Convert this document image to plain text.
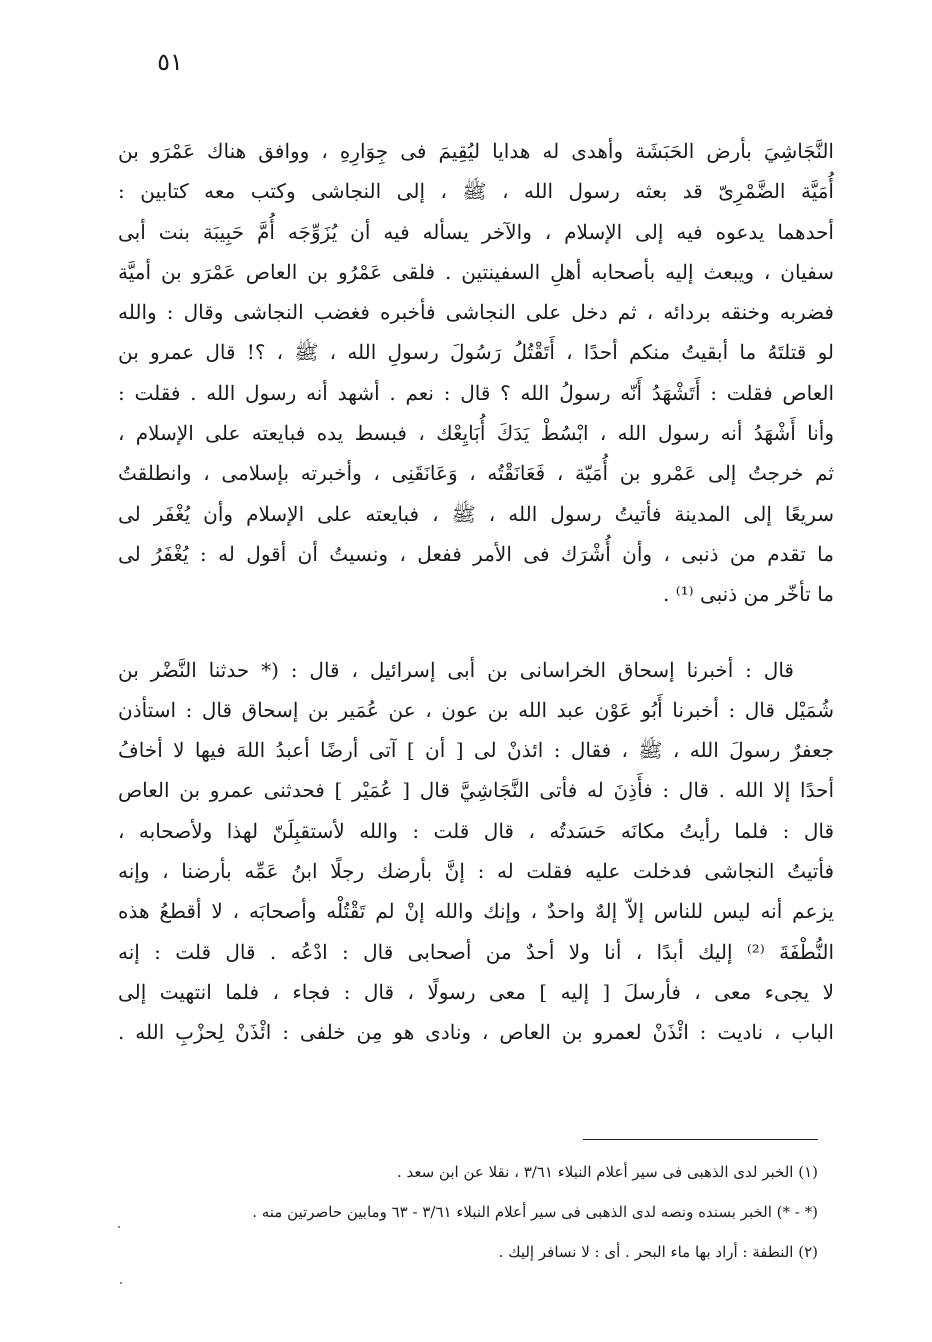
٥١
النَّجَاشِيَ بأرض الحَبَشَة وأهدى له هدايا ليُقِيمَ فى جِوَارِهِ ، ووافق هناك عَمْرَو بن
أُمَيَّة الضَّمْرِىّ قد بعثه رسول الله ، ﷺ ، إلى النجاشى وكتب معه كتابين :
أحدهما يدعوه فيه إلى الإسلام ، والآخر يسأله فيه أن يُزَوِّجَه أُمَّ حَبِيبَة بنت أبى
سفيان ، ويبعث إليه بأصحابه أهلِ السفينتين . فلقى عَمْرُو بن العاص عَمْرَو بن أميَّة
فضربه وخنقه بردائه ، ثم دخل على النجاشى فأخبره فغضب النجاشى وقال : والله
لو قتلتَهُ ما أبقيتُ منكم أحدًا ، أَتَقْتُلُ رَسُولَ رسولِ الله ، ﷺ ، ؟! قال عمرو بن
العاص فقلت : أَتَشْهَدُ أَنّه رسولُ الله ؟ قال : نعم . أشهد أنه رسول الله . فقلت :
وأنا أَشْهَدُ أنه رسول الله ، ابْسُطْ يَدَكَ أُبَايِعْك ، فبسط يده فبايعته على الإسلام ،
ثم خرجتُ إلى عَمْرو بن أُمَيّة ، فَعَانَقْتُه ، وَعَانَقَنِى ، وأخبرته بإسلامى ، وانطلقتُ
سريعًا إلى المدينة فأتيتُ رسول الله ، ﷺ ، فبايعته على الإسلام وأن يُغْفَر لى
ما تقدم من ذنبى ، وأن أُشْرَك فى الأمر ففعل ، ونسيتُ أن أقول له : يُغْفَرُ لى
ما تأخّر من ذنبى ⁽¹⁾ .
قال : أخبرنا إسحاق الخراسانى بن أبى إسرائيل ، قال : (* حدثنا النَّضْر بن
شُمَيْل قال : أخبرنا أَبُو عَوْن عبد الله بن عون ، عن عُمَير بن إسحاق قال : استأذن
جعفرٌ رسولَ الله ، ﷺ ، فقال : ائذنْ لى [ أن ] آتى أرضًا أعبدُ اللهَ فيها لا أخافُ
أحدًا إلا الله . قال : فأَذِنَ له فأتى النَّجَاشِيَّ قال [ عُمَيْر ] فحدثنى عمرو بن العاص
قال : فلما رأيتُ مكانَه حَسَدتُه ، قال قلت : والله لأستقبِلَنّ لهذا ولأصحابه ،
فأتيتُ النجاشى فدخلت عليه فقلت له : إنَّ بأرضك رجلًا ابنُ عَمِّه بأرضنا ، وإنه
يزعم أنه ليس للناس إلاّ إلهٌ واحدٌ ، وإنك والله إنْ لم تَقْتُلْه وأصحابَه ، لا أقطعُ هذه
النُّطْفَةَ ⁽²⁾ إليك أبدًا ، أنا ولا أحدٌ من أصحابى قال : ادْعُه . قال قلت : إنه
لا يجىء معى ، فأرسلَ [ إليه ] معى رسولًا ، قال : فجاء ، فلما انتهيت إلى
الباب ، ناديت : ائْذَنْ لعمرو بن العاص ، ونادى هو مِن خلفى : ائْذَنْ لِحزْبِ الله .
(١) الخبر لدى الذهبى فى سير أعلام النبلاء ٣/٦١ ، نقلا عن ابن سعد .
(* - *) الخبر بسنده ونصه لدى الذهبى فى سير أعلام النبلاء ٣/٦١ - ٦٣ ومابين حاصرتين منه .
(٢) النطفة : أراد بها ماء البحر . أى : لا نسافر إليك .
